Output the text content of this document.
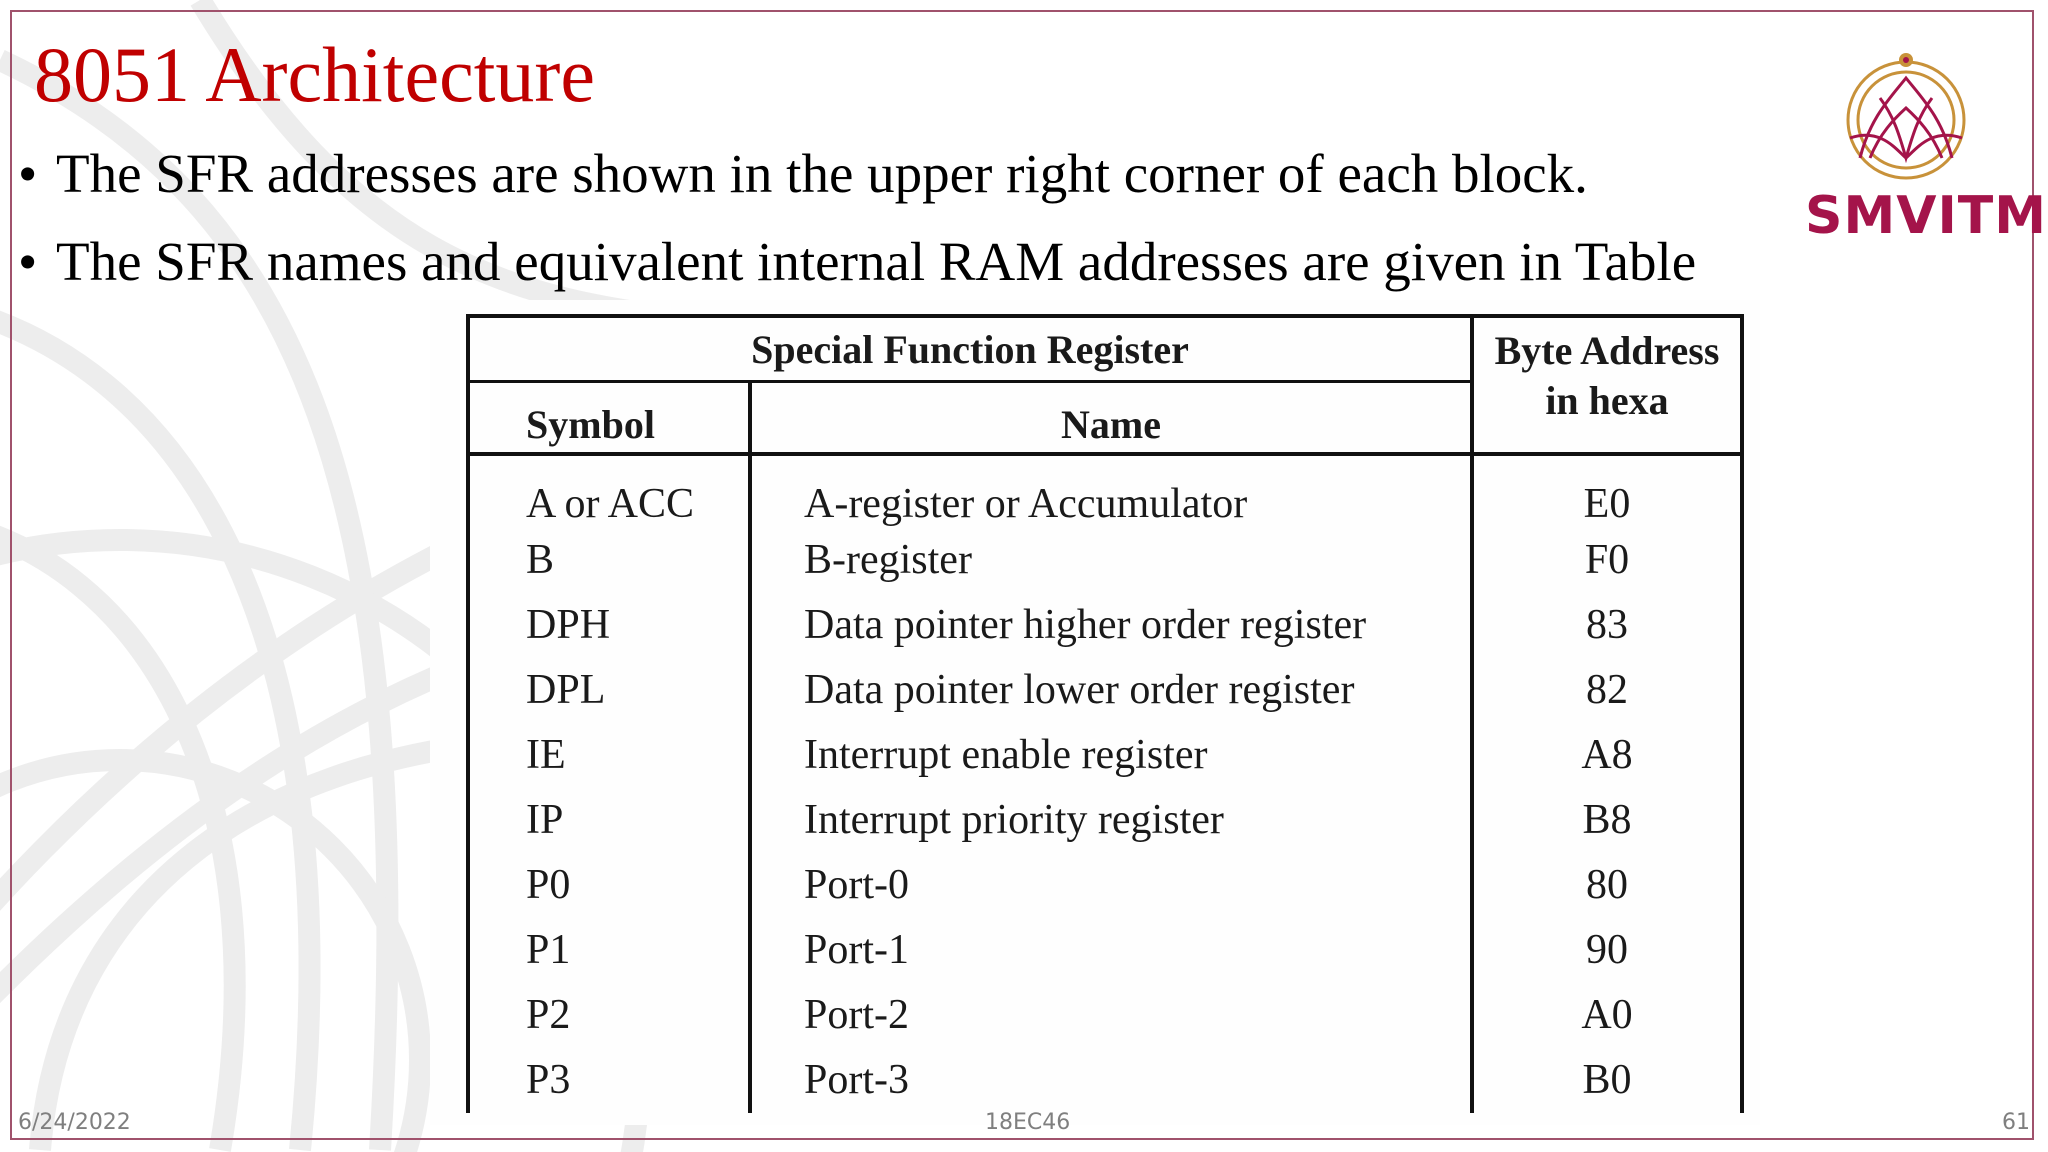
8051 Architecture
• The SFR addresses are shown in the upper right corner of each block.
• The SFR names and equivalent internal RAM addresses are given in Table
SMVITM
Special Function Register		Byte Address
in hexa
Symbol	Name	
A or ACC	A-register or Accumulator	E0
B	B-register	F0
DPH	Data pointer higher order register	83
DPL	Data pointer lower order register	82
IE	Interrupt enable register	A8
IP	Interrupt priority register	B8
P0	Port-0	80
P1	Port-1	90
P2	Port-2	A0
P3	Port-3	B0
6/24/2022	18EC46	61
